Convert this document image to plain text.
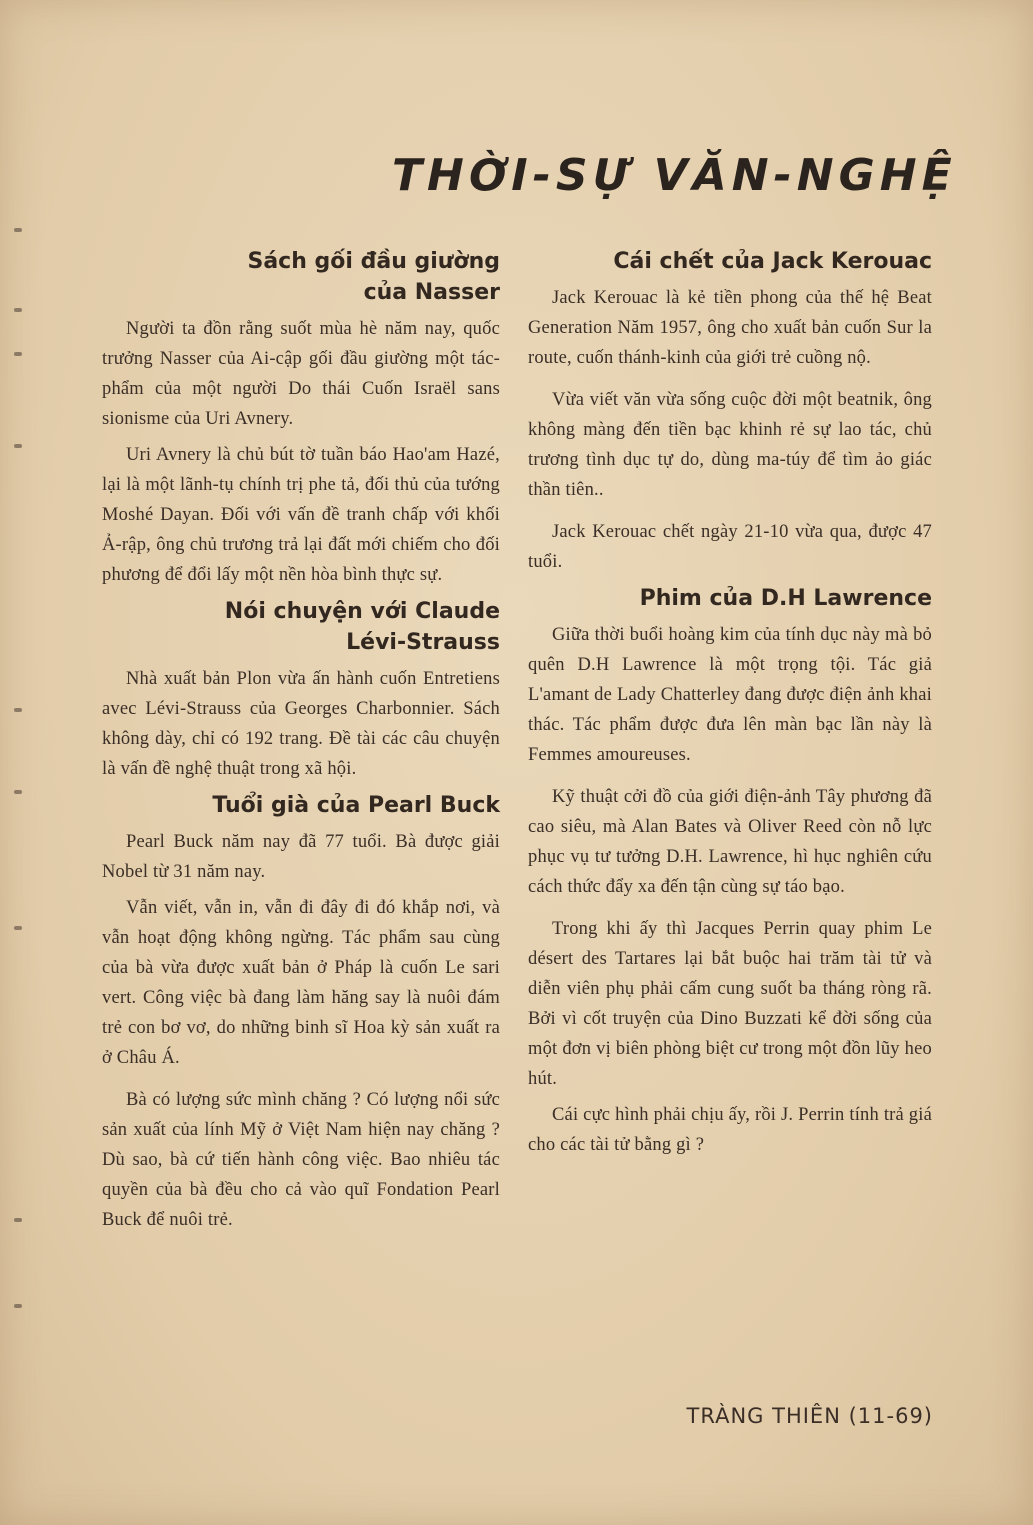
THỜI-SỰ VĂN-NGHỆ
Sách gối đầu giường
của Nasser

Người ta đồn rằng suốt mùa hè năm nay, quốc trưởng Nasser của Ai-cập gối đầu giường một tác-phẩm của một người Do thái Cuốn Israël sans sionisme của Uri Avnery.

Uri Avnery là chủ bút tờ tuần báo Hao'am Hazé, lại là một lãnh-tụ chính trị phe tả, đối thủ của tướng Moshé Dayan. Đối với vấn đề tranh chấp với khối Ả-rập, ông chủ trương trả lại đất mới chiếm cho đối phương để đổi lấy một nền hòa bình thực sự.

Nói chuyện với Claude
Lévi-Strauss

Nhà xuất bản Plon vừa ấn hành cuốn Entretiens avec Lévi-Strauss của Georges Charbonnier. Sách không dày, chỉ có 192 trang. Đề tài các câu chuyện là vấn đề nghệ thuật trong xã hội.

Tuổi già của Pearl Buck

Pearl Buck năm nay đã 77 tuổi. Bà được giải Nobel từ 31 năm nay.

Vẫn viết, vẫn in, vẫn đi đây đi đó khắp nơi, và vẫn hoạt động không ngừng. Tác phẩm sau cùng của bà vừa được xuất bản ở Pháp là cuốn Le sari vert. Công việc bà đang làm hăng say là nuôi đám trẻ con bơ vơ, do những binh sĩ Hoa kỳ sản xuất ra ở Châu Á.

Bà có lượng sức mình chăng ? Có lượng nổi sức sản xuất của lính Mỹ ở Việt Nam hiện nay chăng ? Dù sao, bà cứ tiến hành công việc. Bao nhiêu tác quyền của bà đều cho cả vào quĩ Fondation Pearl Buck để nuôi trẻ.

Cái chết của Jack Kerouac

Jack Kerouac là kẻ tiền phong của thế hệ Beat Generation Năm 1957, ông cho xuất bản cuốn Sur la route, cuốn thánh-kinh của giới trẻ cuồng nộ.

Vừa viết văn vừa sống cuộc đời một beatnik, ông không màng đến tiền bạc khinh rẻ sự lao tác, chủ trương tình dục tự do, dùng ma-túy để tìm ảo giác thần tiên..

Jack Kerouac chết ngày 21-10 vừa qua, được 47 tuổi.

Phim của D.H Lawrence

Giữa thời buổi hoàng kim của tính dục này mà bỏ quên D.H Lawrence là một trọng tội. Tác giả L'amant de Lady Chatterley đang được điện ảnh khai thác. Tác phẩm được đưa lên màn bạc lần này là Femmes amoureuses.

Kỹ thuật cởi đồ của giới điện-ảnh Tây phương đã cao siêu, mà Alan Bates và Oliver Reed còn nỗ lực phục vụ tư tưởng D.H. Lawrence, hì hục nghiên cứu cách thức đẩy xa đến tận cùng sự táo bạo.

Trong khi ấy thì Jacques Perrin quay phim Le désert des Tartares lại bắt buộc hai trăm tài tử và diễn viên phụ phải cấm cung suốt ba tháng ròng rã. Bởi vì cốt truyện của Dino Buzzati kể đời sống của một đơn vị biên phòng biệt cư trong một đồn lũy heo hút.

Cái cực hình phải chịu ấy, rồi J. Perrin tính trả giá cho các tài tử bằng gì ?

TRÀNG THIÊN (11-69)
